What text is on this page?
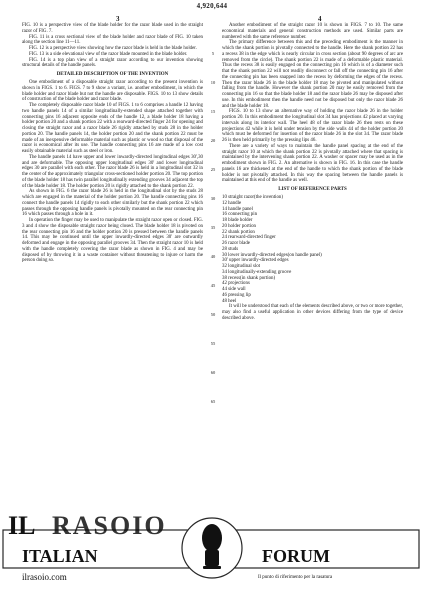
4,920,644
3	4

FIG. 10 is a perspective view of the blade holder for the razor blade used in the straight razor of FIG. 7.

FIG. 11 is a cross sectional view of the blade holder and razor blade of FIG. 10 taken along the section line 11—11.

FIG. 12 is a perspective view showing how the razor blade is held in the blade holder.

FIG. 13 is a side elevational view of the razor blade mounted in the blade holder.

FIG. 14 is a top plan view of a straight razor according to our invention showing structural details of the handle panels.

DETAILED DESCRIPTION OF THE INVENTION

One embodiment of a disposable straight razor according to the present invention is shown in FIGS. 1 to 6. FIGS. 7 to 9 show a variant, i.e. another embodiment, in which the blade holder and razor blade but not the handle are disposable. FIGS. 10 to 13 show details of construction of the blade holder and razor blade.

The completely disposable razor blade 10 of FIGS. 1 to 6 comprises a handle 12 having two handle panels 14 of a similar longitudinally-extended shape attached together with connecting pins 16 adjacent opposite ends of the handle 12, a blade holder 18 having a holder portion 20 and a shank portion 22 with a rearward-directed finger 24 for opening and closing the straight razor and a razor blade 26 rigidly attached by studs 28 in the holder portion 20. The handle panels 14, the holder portion 20 and the shank portion 22 must be made of an inexpensive deformable material such as plastic or wood so that disposal of the razor is economical after its use. The handle connecting pins 16 are made of a low cost easily obtainable material such as steel or iron.

The handle panels 14 have upper and lower inwardly-directed longitudinal edges 30',30 and are deformable. The opposing upper longitudinal edges 30' and lower longitudinal edges 30 are parallel with each other. The razor blade 26 is held in a longitudinal slot 32 in the center of the approximately triangular cross-sectioned holder portion 20. The top portion of the blade holder 18 has twin parallel longitudinally extending grooves 34 adjacent the top of the blade holder 18. The holder portion 20 is rigidly attached to the shank portion 22.

As shown in FIG. 6 the razor blade 26 is held in the longitudinal slot by the studs 28 which are engaged in the material of the holder portion 20. The handle connecting pins 16 connect the handle panels 14 rigidly to each other similarly but the shank portion 22 which passes through the opposing handle panels is pivotally mounted on the rear connecting pin 16 which passes through a hole in it.

In operation the finger may be used to manipulate the straight razor open or closed. FIG. 3 and 4 show the disposable straight razor being closed. The blade holder 18 is pivoted on the rear connecting pin 16 and the holder portion 20 is pressed between the handle panels 14. This may be continued until the upper inwardly-directed edges 30' are outwardly deformed and engage in the opposing parallel grooves 34. Then the straight razor 10 is held with the handle completely covering the razor blade as shown in FIG. 4 and may be disposed of by throwing it in a waste container without threatening to injure or harm the person doing so.

5
10
15
20
25
30
35
40
45
50
55
60
65

Another embodiment of the straight razor 10 is shown in FIGS. 7 to 10. The same economical materials and general construction methods are used. Similar parts are numbered with the same reference number.

The primary difference between this and the preceding embodiment is the manner in which the shank portion is pivotally connected to the handle. Here the shank portion 22 has a recess 38 in the edge which is nearly circular in cross section (about 90 degrees of arc are removed from the circle). The shank portion 22 is made of a deformable plastic material. Thus the recess 38 is easily engaged on the connecting pin 16 which is of a diameter such that the shank portion 22 will not readily disconnect or fall off the connecting pin 16 after the connecting pin has been snapped into the recess by deforming the edges of the recess. Then the razor blade 26 in the blade holder 18 may be pivoted and manipulated without falling from the handle. However the shank portion 20 may be easily removed from the connecting pin 16 so that the blade holder 18 and the razor blade 26 may be disposed after use. In this embodiment then the handle need not be disposed but only the razor blade 26 and the blade holder 18.

FIGS. 10 to 13 show an alternative way of holding the razor blade 26 in the holder portion 20. In this embodiment the longitudinal slot 34 has projections 42 placed at varying intervals along its interior wall. The heel 48 of the razor blade 26 then rests on these projections 42 while it is held under tension by the side walls 44 of the holder portion 20 which must be deformed for insertion of the razor blade 26 in the slot 34. The razor blade 26 is then held primarily by the pressing lips 46.

There are a variety of ways to maintain the handle panel spacing at the end of the straight razor 10 at which the shank portion 22 is pivotally attached where that spacing is maintained by the intervening shank portion 22. A washer or spacer may be used as in the embodiment shown in FIG. 2. An alternative is shown in FIG. 16. In this case the handle panels 16 are thickened at the end of the handle to which the shank portion of the blade holder is not pivotally attached. In this way the spacing between the handle panels is maintained at this end of the handle as well.

LIST OF REFERENCE PARTS
10 straight razor(the invention)
12 handle
14 handle panel
16 connecting pin
18 blade holder
20 holder portion
22 shank portion
24 rearward-directed finger
26 razor blade
28 studs
30 lower inwardly-directed edges(on handle panel)
30' upper inwardly-directed edges
32 longitudinal slot
34 longitudinally-extending groove
38 recess(in shank portion)
42 projections
44 side wall
46 pressing lip
48 heel

It will be understood that each of the elements described above, or two or more together, may also find a useful application in other devices differing from the type of device described above.

IL RASOIO
ITALIAN	FORUM
ilrasoio.com	Il punto di riferimento per la rasatura
